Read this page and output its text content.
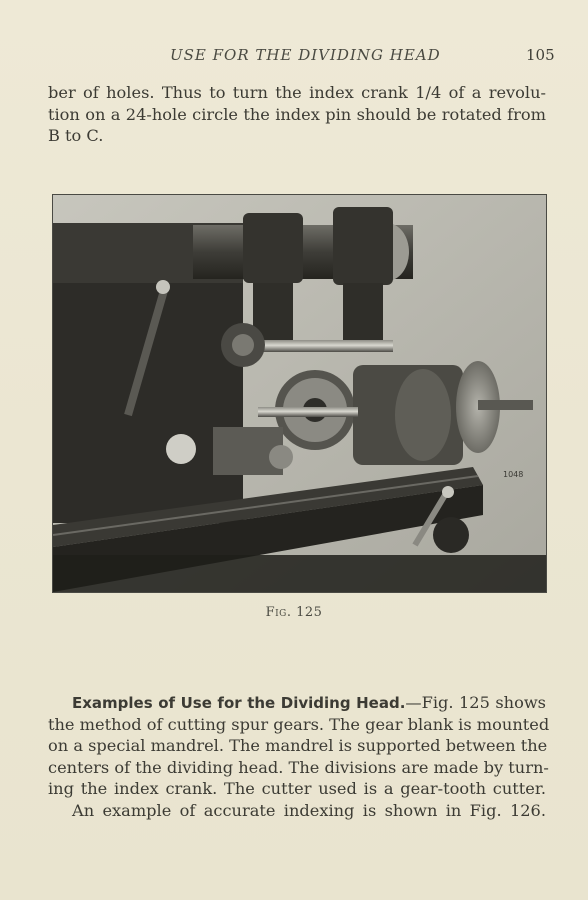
USE FOR THE DIVIDING HEAD	105
ber of holes. Thus to turn the index crank 1/4 of a revolu-
tion on a 24-hole circle the index pin should be rotated from
B to C.
1048
Fig. 125
Examples of Use for the Dividing Head.—Fig. 125 shows
the method of cutting spur gears. The gear blank is mounted
on a special mandrel. The mandrel is supported between the
centers of the dividing head. The divisions are made by turn-
ing the index crank. The cutter used is a gear-tooth cutter.
An example of accurate indexing is shown in Fig. 126.
